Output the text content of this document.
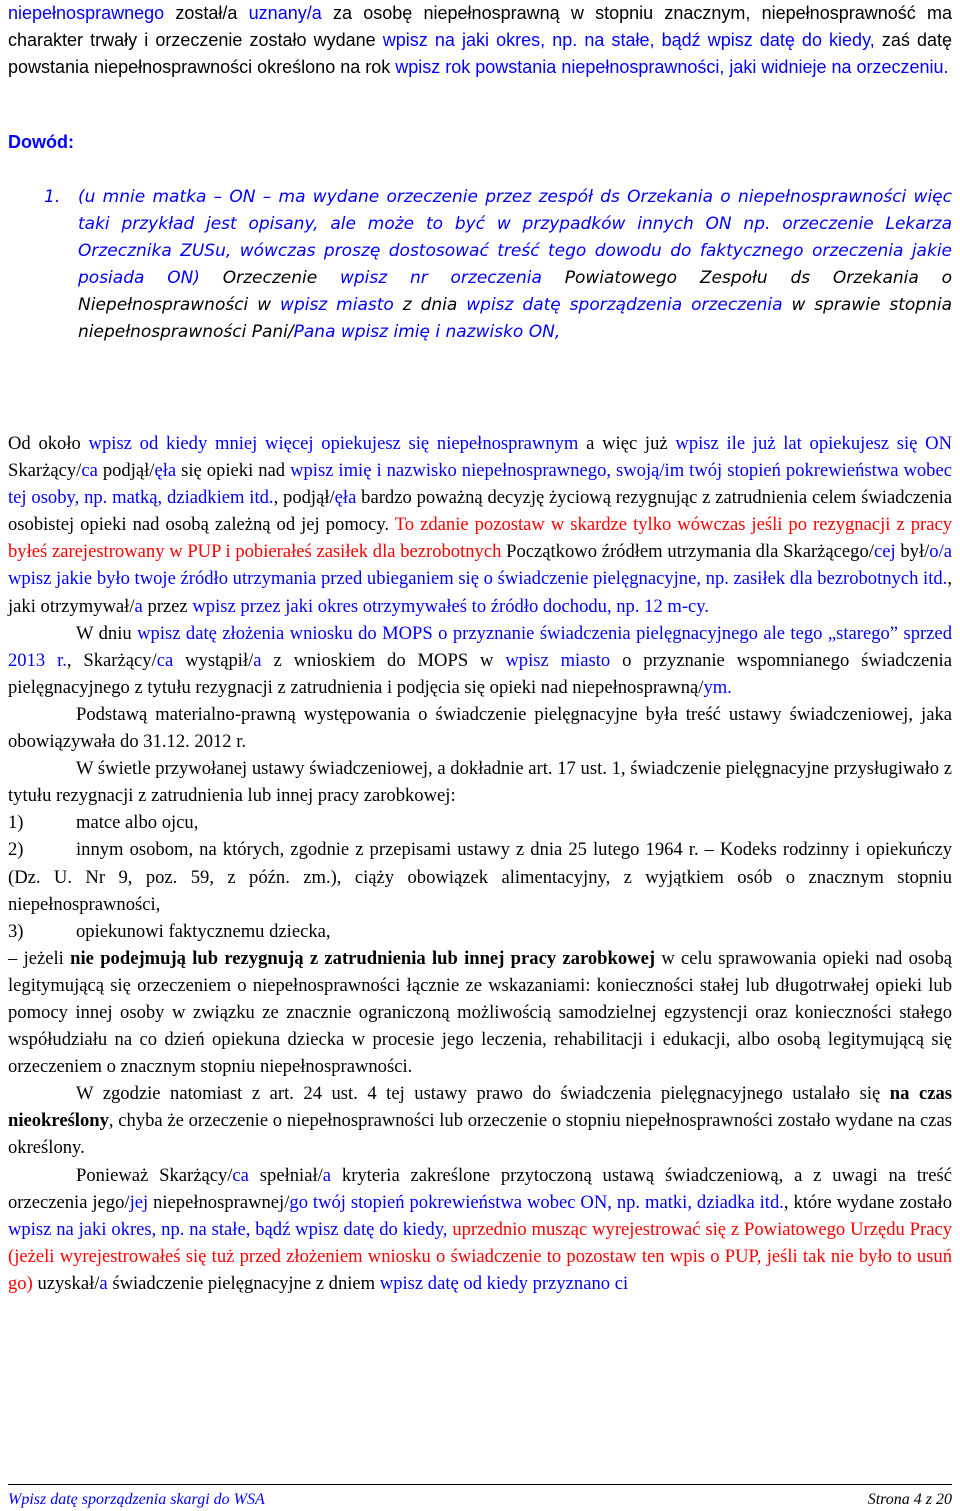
niepełnosprawnego został/a uznany/a za osobę niepełnosprawną w stopniu znacznym, niepełnosprawność ma charakter trwały i orzeczenie zostało wydane wpisz na jaki okres, np. na stałe, bądź wpisz datę do kiedy, zaś datę powstania niepełnosprawności określono na rok wpisz rok powstania niepełnosprawności, jaki widnieje na orzeczeniu.

Dowód:

1. (u mnie matka – ON – ma wydane orzeczenie przez zespół ds Orzekania o niepełnosprawności więc taki przykład jest opisany, ale może to być w przypadków innych ON np. orzeczenie Lekarza Orzecznika ZUSu, wówczas proszę dostosować treść tego dowodu do faktycznego orzeczenia jakie posiada ON) Orzeczenie wpisz nr orzeczenia Powiatowego Zespołu ds Orzekania o Niepełnosprawności w wpisz miasto z dnia wpisz datę sporządzenia orzeczenia w sprawie stopnia niepełnosprawności Pani/Pana wpisz imię i nazwisko ON,

Od około wpisz od kiedy mniej więcej opiekujesz się niepełnosprawnym a więc już wpisz ile już lat opiekujesz się ON Skarżący/ca podjął/ęła się opieki nad wpisz imię i nazwisko niepełnosprawnego, swoją/im twój stopień pokrewieństwa wobec tej osoby, np. matką, dziadkiem itd., podjął/ęła bardzo poważną decyzję życiową rezygnując z zatrudnienia celem świadczenia osobistej opieki nad osobą zależną od jej pomocy. To zdanie pozostaw w skardze tylko wówczas jeśli po rezygnacji z pracy byłeś zarejestrowany w PUP i pobierałeś zasiłek dla bezrobotnych Początkowo źródłem utrzymania dla Skarżącego/cej był/o/a wpisz jakie było twoje źródło utrzymania przed ubieganiem się o świadczenie pielęgnacyjne, np. zasiłek dla bezrobotnych itd., jaki otrzymywał/a przez wpisz przez jaki okres otrzymywałeś to źródło dochodu, np. 12 m-cy.

W dniu wpisz datę złożenia wniosku do MOPS o przyznanie świadczenia pielęgnacyjnego ale tego „starego” sprzed 2013 r., Skarżący/ca wystąpił/a z wnioskiem do MOPS w wpisz miasto o przyznanie wspomnianego świadczenia pielęgnacyjnego z tytułu rezygnacji z zatrudnienia i podjęcia się opieki nad niepełnosprawną/ym.

Podstawą materialno-prawną występowania o świadczenie pielęgnacyjne była treść ustawy świadczeniowej, jaka obowiązywała do 31.12. 2012 r.

W świetle przywołanej ustawy świadczeniowej, a dokładnie art. 17 ust. 1, świadczenie pielęgnacyjne przysługiwało z tytułu rezygnacji z zatrudnienia lub innej pracy zarobkowej:

1)	matce albo ojcu,
2)	innym osobom, na których, zgodnie z przepisami ustawy z dnia 25 lutego 1964 r. – Kodeks rodzinny i opiekuńczy (Dz. U. Nr 9, poz. 59, z późn. zm.), ciąży obowiązek alimentacyjny, z wyjątkiem osób o znacznym stopniu niepełnosprawności,
3)	opiekunowi faktycznemu dziecka,

– jeżeli nie podejmują lub rezygnują z zatrudnienia lub innej pracy zarobkowej w celu sprawowania opieki nad osobą legitymującą się orzeczeniem o niepełnosprawności łącznie ze wskazaniami: konieczności stałej lub długotrwałej opieki lub pomocy innej osoby w związku ze znacznie ograniczoną możliwością samodzielnej egzystencji oraz konieczności stałego współudziału na co dzień opiekuna dziecka w procesie jego leczenia, rehabilitacji i edukacji, albo osobą legitymującą się orzeczeniem o znacznym stopniu niepełnosprawności.

W zgodzie natomiast z art. 24 ust. 4 tej ustawy prawo do świadczenia pielęgnacyjnego ustalało się na czas nieokreślony, chyba że orzeczenie o niepełnosprawności lub orzeczenie o stopniu niepełnosprawności zostało wydane na czas określony.

Ponieważ Skarżący/ca spełniał/a kryteria zakreślone przytoczoną ustawą świadczeniową, a z uwagi na treść orzeczenia jego/jej niepełnosprawnej/go twój stopień pokrewieństwa wobec ON, np. matki, dziadka itd., które wydane zostało wpisz na jaki okres, np. na stałe, bądź wpisz datę do kiedy, uprzednio musząc wyrejestrować się z Powiatowego Urzędu Pracy (jeżeli wyrejestrowałeś się tuż przed złożeniem wniosku o świadczenie to pozostaw ten wpis o PUP, jeśli tak nie było to usuń go) uzyskał/a świadczenie pielęgnacyjne z dniem wpisz datę od kiedy przyznano ci

Wpisz datę sporządzenia skargi do WSA	Strona 4 z 20
